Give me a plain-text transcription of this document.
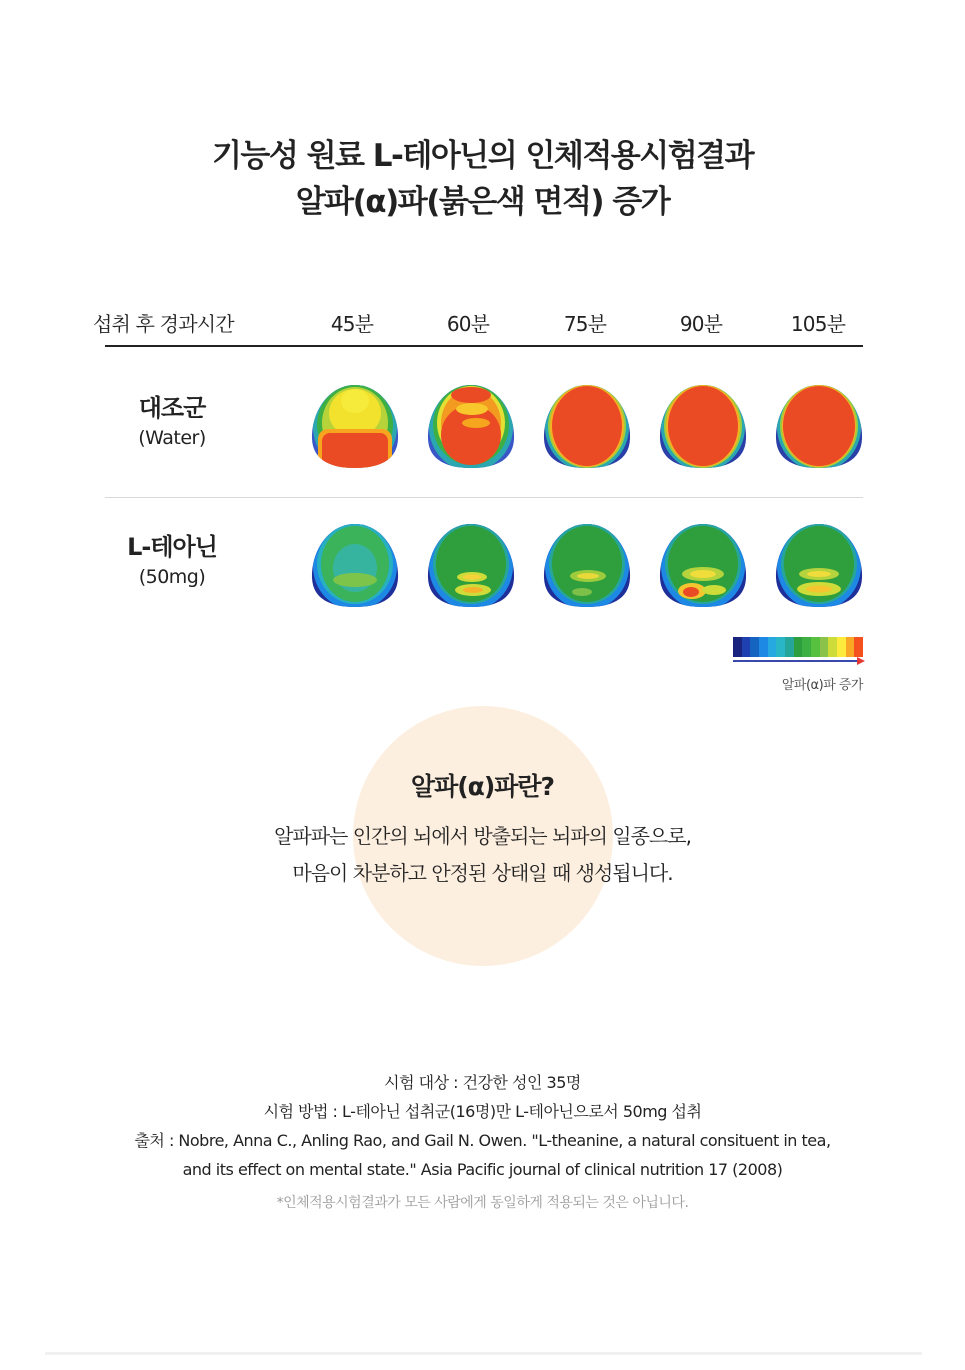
기능성 원료 L-테아닌의 인체적용시험결과
알파(α)파(붉은색 면적) 증가
섭취 후 경과시간	45분	60분	75분	90분	105분
대조군
(Water)
L-테아닌
(50mg)
알파(α)파 증가
알파(α)파란?
알파파는 인간의 뇌에서 방출되는 뇌파의 일종으로,
마음이 차분하고 안정된 상태일 때 생성됩니다.
시험 대상 : 건강한 성인 35명
시험 방법 : L-테아닌 섭취군(16명)만 L-테아닌으로서 50mg 섭취
출처 : Nobre, Anna C., Anling Rao, and Gail N. Owen. "L-theanine, a natural consituent in tea,
and its effect on mental state." Asia Pacific journal of clinical nutrition 17 (2008)
*인체적용시험결과가 모든 사람에게 동일하게 적용되는 것은 아닙니다.
